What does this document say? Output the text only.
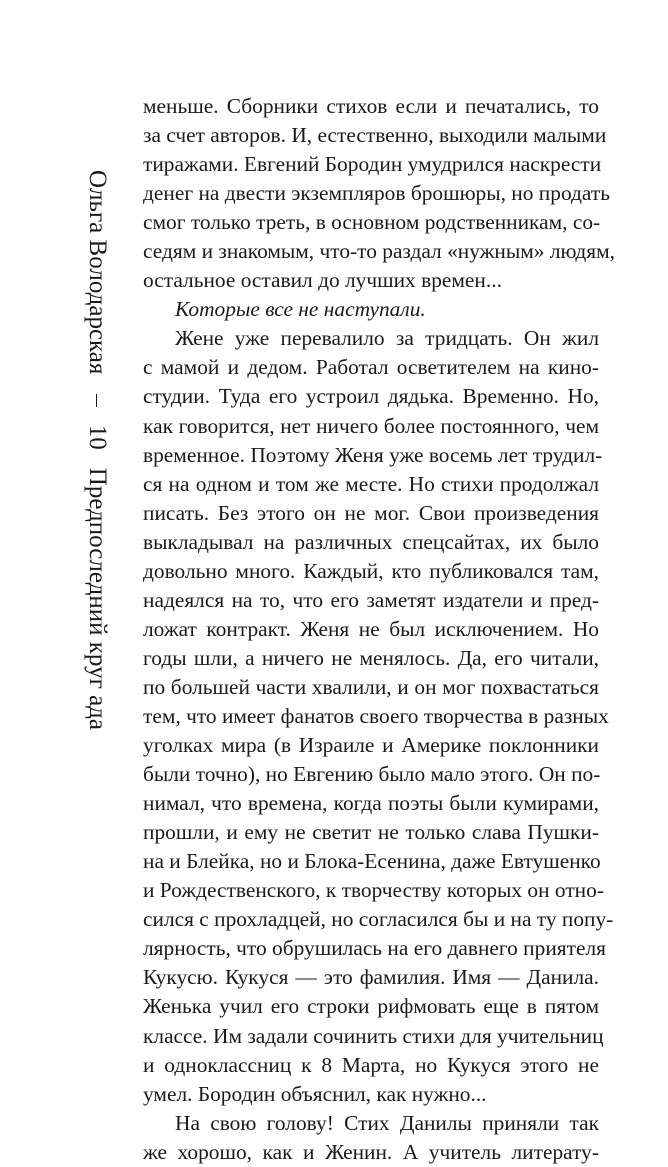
Ольга Володарская
10
Предпоследний круг ада
меньше. Сборники стихов если и печатались, то
за счет авторов. И, естественно, выходили малыми
тиражами. Евгений Бородин умудрился наскрести
денег на двести экземпляров брошюры, но продать
смог только треть, в основном родственникам, со-
седям и знакомым, что-то раздал «нужным» людям,
остальное оставил до лучших времен...
Которые все не наступали.
Жене уже перевалило за тридцать. Он жил
с мамой и дедом. Работал осветителем на кино-
студии. Туда его устроил дядька. Временно. Но,
как говорится, нет ничего более постоянного, чем
временное. Поэтому Женя уже восемь лет трудил-
ся на одном и том же месте. Но стихи продолжал
писать. Без этого он не мог. Свои произведения
выкладывал на различных спецсайтах, их было
довольно много. Каждый, кто публиковался там,
надеялся на то, что его заметят издатели и пред-
ложат контракт. Женя не был исключением. Но
годы шли, а ничего не менялось. Да, его читали,
по большей части хвалили, и он мог похвастаться
тем, что имеет фанатов своего творчества в разных
уголках мира (в Израиле и Америке поклонники
были точно), но Евгению было мало этого. Он по-
нимал, что времена, когда поэты были кумирами,
прошли, и ему не светит не только слава Пушки-
на и Блейка, но и Блока-Есенина, даже Евтушенко
и Рождественского, к творчеству которых он отно-
сился с прохладцей, но согласился бы и на ту попу-
лярность, что обрушилась на его давнего приятеля
Кукусю. Кукуся — это фамилия. Имя — Данила.
Женька учил его строки рифмовать еще в пятом
классе. Им задали сочинить стихи для учительниц
и одноклассниц к 8 Марта, но Кукуся этого не
умел. Бородин объяснил, как нужно...
На свою голову! Стих Данилы приняли так
же хорошо, как и Женин. А учитель литерату-
